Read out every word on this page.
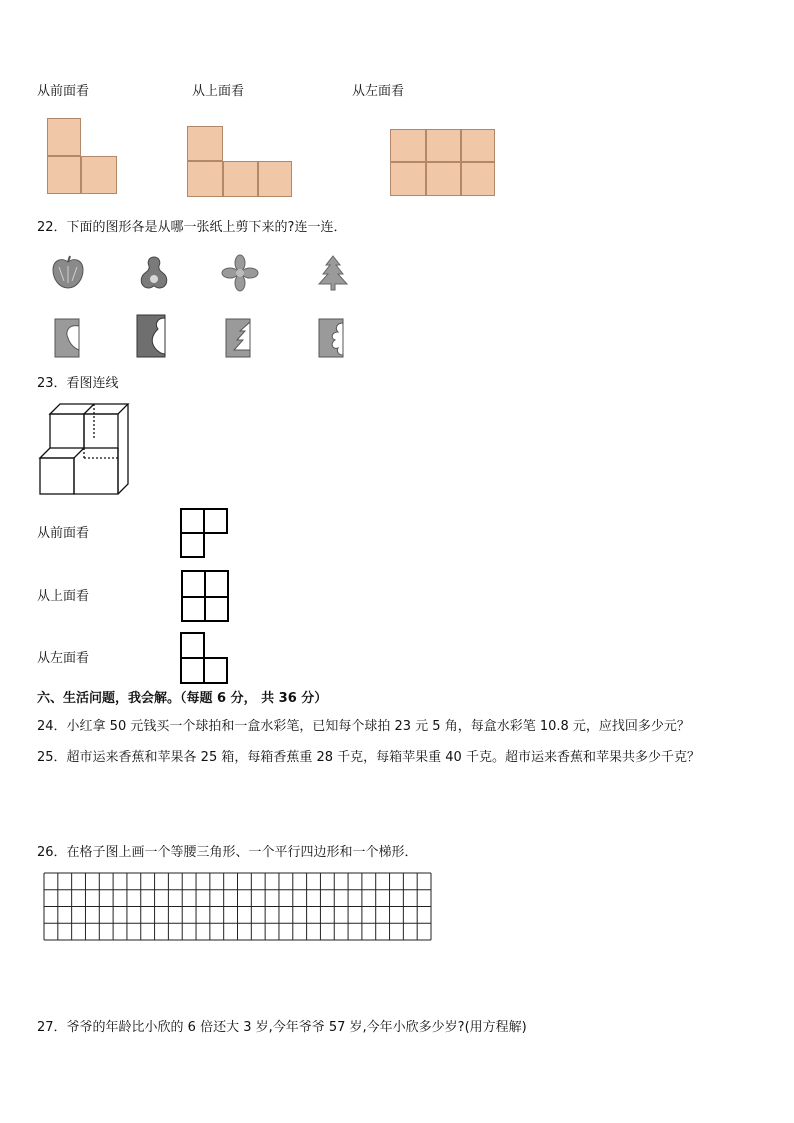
从前面看	从上面看	从左面看
22．下面的图形各是从哪一张纸上剪下来的?连一连．
23．看图连线
从前面看
从上面看
从左面看
六、生活问题，我会解。（每题 6 分， 共 36 分）
24．小红拿 50 元钱买一个球拍和一盒水彩笔，已知每个球拍 23 元 5 角，每盒水彩笔 10.8 元，应找回多少元？
25．超市运来香蕉和苹果各 25 箱，每箱香蕉重 28 千克，每箱苹果重 40 千克。超市运来香蕉和苹果共多少千克？
26．在格子图上画一个等腰三角形、一个平行四边形和一个梯形．
27．爷爷的年龄比小欣的 6 倍还大 3 岁,今年爷爷 57 岁,今年小欣多少岁?(用方程解)
